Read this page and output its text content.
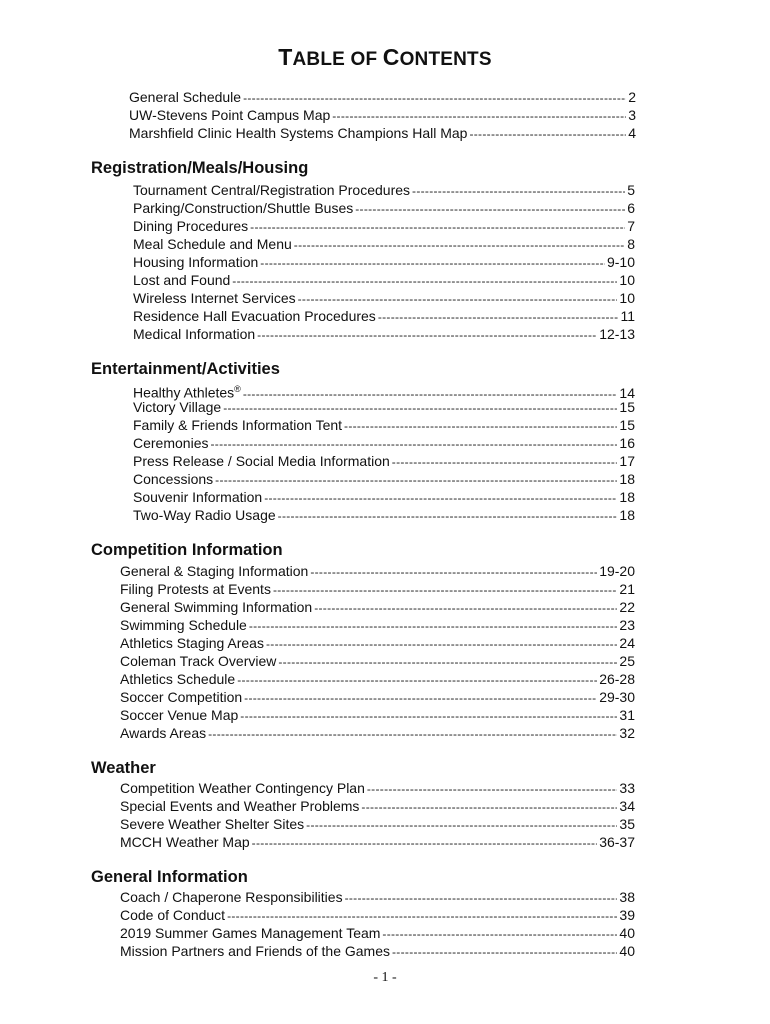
TABLE OF CONTENTS
General Schedule -----	2
UW-Stevens Point Campus Map -----	3
Marshfield Clinic Health Systems Champions Hall Map -----	4
Registration/Meals/Housing
Tournament Central/Registration Procedures -----	5
Parking/Construction/Shuttle Buses -----	6
Dining Procedures -----	7
Meal Schedule and Menu -----	8
Housing Information -----	9-10
Lost and Found -----	10
Wireless Internet Services -----	10
Residence Hall Evacuation Procedures -----	11
Medical Information -----	12-13
Entertainment/Activities
Healthy Athletes® -----	14
Victory Village -----	15
Family & Friends Information Tent -----	15
Ceremonies -----	16
Press Release / Social Media Information -----	17
Concessions -----	18
Souvenir Information -----	18
Two-Way Radio Usage -----	18
Competition Information
General & Staging Information -----	19-20
Filing Protests at Events -----	21
General Swimming Information -----	22
Swimming Schedule -----	23
Athletics Staging Areas -----	24
Coleman Track Overview -----	25
Athletics Schedule -----	26-28
Soccer Competition -----	29-30
Soccer Venue Map -----	31
Awards Areas -----	32
Weather
Competition Weather Contingency Plan -----	33
Special Events and Weather Problems -----	34
Severe Weather Shelter Sites -----	35
MCCH Weather Map -----	36-37
General Information
Coach / Chaperone Responsibilities -----	38
Code of Conduct -----	39
2019 Summer Games Management Team -----	40
Mission Partners and Friends of the Games -----	40
- 1 -
